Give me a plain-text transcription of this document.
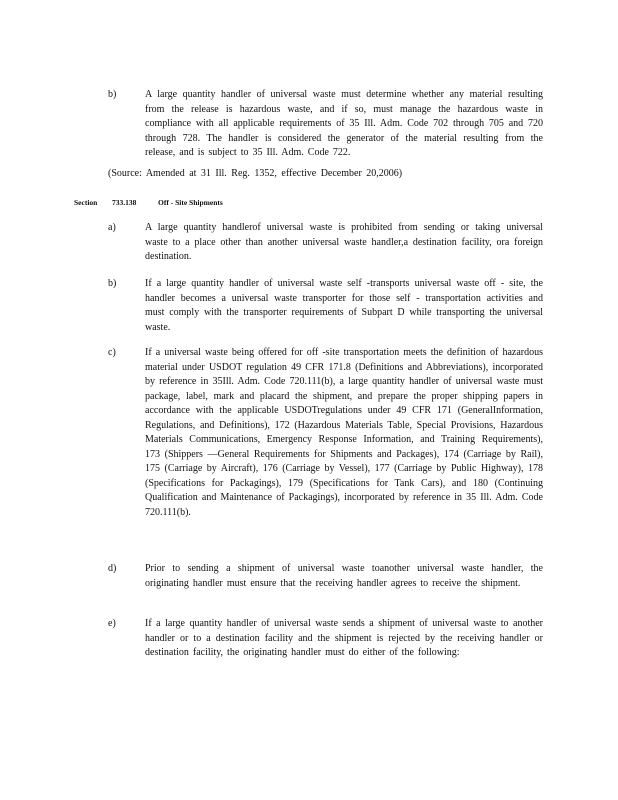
b)	A large quantity handler of universal waste must determine whether any material resulting from the release is hazardous waste, and if so, must manage the hazardous waste in compliance with all applicable requirements of 35 Ill. Adm. Code 702 through 705 and 720 through 728. The handler is considered the generator of the material resulting from the release, and is subject to 35 Ill. Adm. Code 722.
(Source: Amended at 31 Ill. Reg. 1352, effective December 20,2006)
Section 733.138	Off - Site Shipments
a)	A large quantity handlerof universal waste is prohibited from sending or taking universal waste to a place other than another universal waste handler,a destination facility, ora foreign destination.
b)	If a large quantity handler of universal waste self -transports universal waste off - site, the handler becomes a universal waste transporter for those self - transportation activities and must comply with the transporter requirements of Subpart D while transporting the universal waste.
c)	If a universal waste being offered for off -site transportation meets the definition of hazardous material under USDOT regulation 49 CFR 171.8 (Definitions and Abbreviations), incorporated by reference in 35Ill. Adm. Code 720.111(b), a large quantity handler of universal waste must package, label, mark and placard the shipment, and prepare the proper shipping papers in accordance with the applicable USDOTregulations under 49 CFR 171 (GeneralInformation, Regulations, and Definitions), 172 (Hazardous Materials Table, Special Provisions, Hazardous Materials Communications, Emergency Response Information, and Training Requirements), 173 (Shippers —General Requirements for Shipments and Packages), 174 (Carriage by Rail), 175 (Carriage by Aircraft), 176 (Carriage by Vessel), 177 (Carriage by Public Highway), 178 (Specifications for Packagings), 179 (Specifications for Tank Cars), and 180 (Continuing Qualification and Maintenance of Packagings), incorporated by reference in 35 Ill. Adm. Code 720.111(b).
d)	Prior to sending a shipment of universal waste toanother universal waste handler, the originating handler must ensure that the receiving handler agrees to receive the shipment.
e)	If a large quantity handler of universal waste sends a shipment of universal waste to another handler or to a destination facility and the shipment is rejected by the receiving handler or destination facility, the originating handler must do either of the following:
